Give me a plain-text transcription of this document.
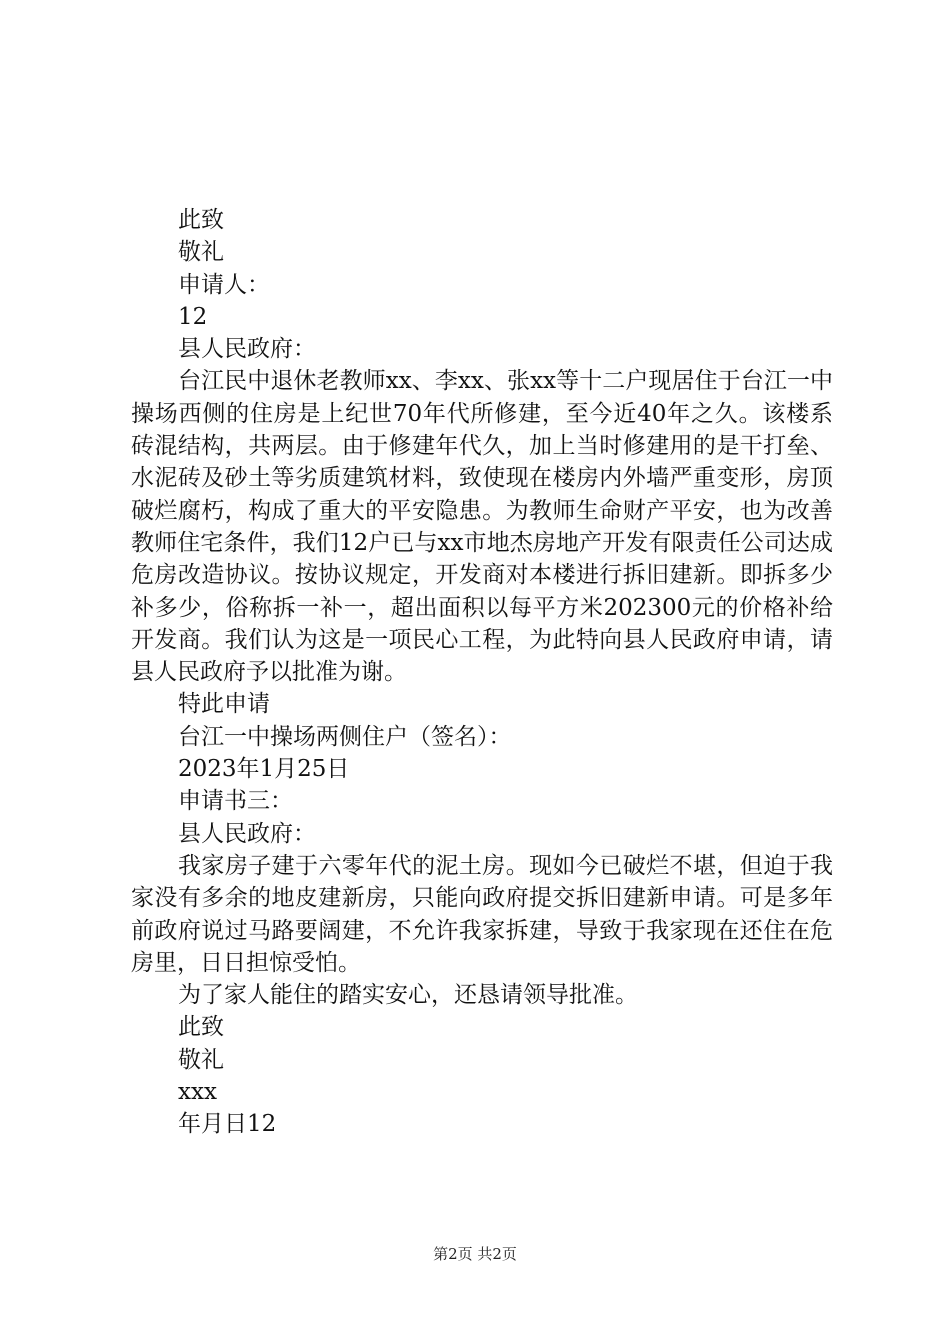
此致

敬礼

申请人：

12

县人民政府：

台江民中退休老教师xx、李xx、张xx等十二户现居住于台江一中操场西侧的住房是上纪世70年代所修建，至今近40年之久。该楼系砖混结构，共两层。由于修建年代久，加上当时修建用的是干打垒、水泥砖及砂土等劣质建筑材料，致使现在楼房内外墙严重变形，房顶破烂腐朽，构成了重大的平安隐患。为教师生命财产平安，也为改善教师住宅条件，我们12户已与xx市地杰房地产开发有限责任公司达成危房改造协议。按协议规定，开发商对本楼进行拆旧建新。即拆多少补多少，俗称拆一补一，超出面积以每平方米202300元的价格补给开发商。我们认为这是一项民心工程，为此特向县人民政府申请，请县人民政府予以批准为谢。

特此申请

台江一中操场两侧住户（签名）：

2023年1月25日

申请书三：

县人民政府：

我家房子建于六零年代的泥土房。现如今已破烂不堪，但迫于我家没有多余的地皮建新房，只能向政府提交拆旧建新申请。可是多年前政府说过马路要阔建，不允许我家拆建，导致于我家现在还住在危房里，日日担惊受怕。

为了家人能住的踏实安心，还恳请领导批准。

此致

敬礼

xxx

年月日12

第2页 共2页
